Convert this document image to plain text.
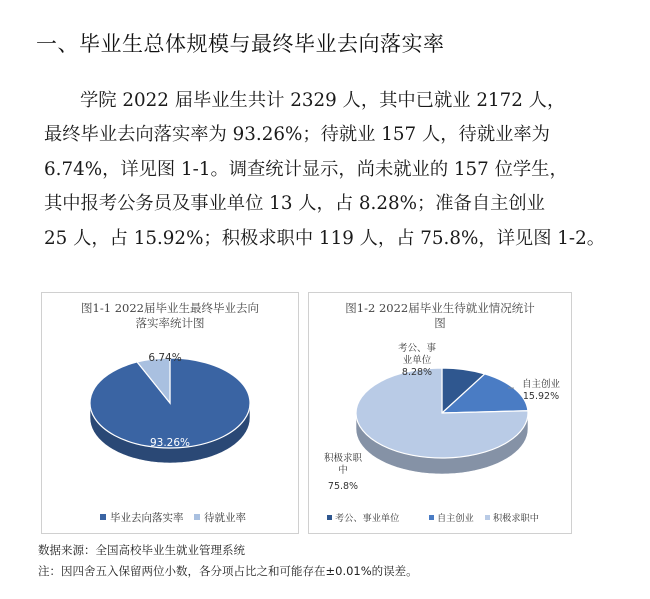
一、毕业生总体规模与最终毕业去向落实率

学院 2022 届毕业生共计 2329 人，其中已就业 2172 人，

最终毕业去向落实率为 93.26%；待就业 157 人，待就业率为

6.74%，详见图 1-1。调查统计显示，尚未就业的 157 位学生，

其中报考公务员及事业单位 13 人，占 8.28%；准备自主创业

25 人，占 15.92%；积极求职中 119 人，占 75.8%，详见图 1-2。

图1-1 2022届毕业生最终毕业去向
落实率统计图
93.26%
6.74%
毕业去向落实率 待就业率
图1-2 2022届毕业生待就业情况统计
图
考公、事
业单位
8.28%
自主创业
15.92%
积极求职
中
75.8%
考公、事业单位	自主创业 积极求职中
数据来源：全国高校毕业生就业管理系统
注：因四舍五入保留两位小数，各分项占比之和可能存在±0.01%的误差。
